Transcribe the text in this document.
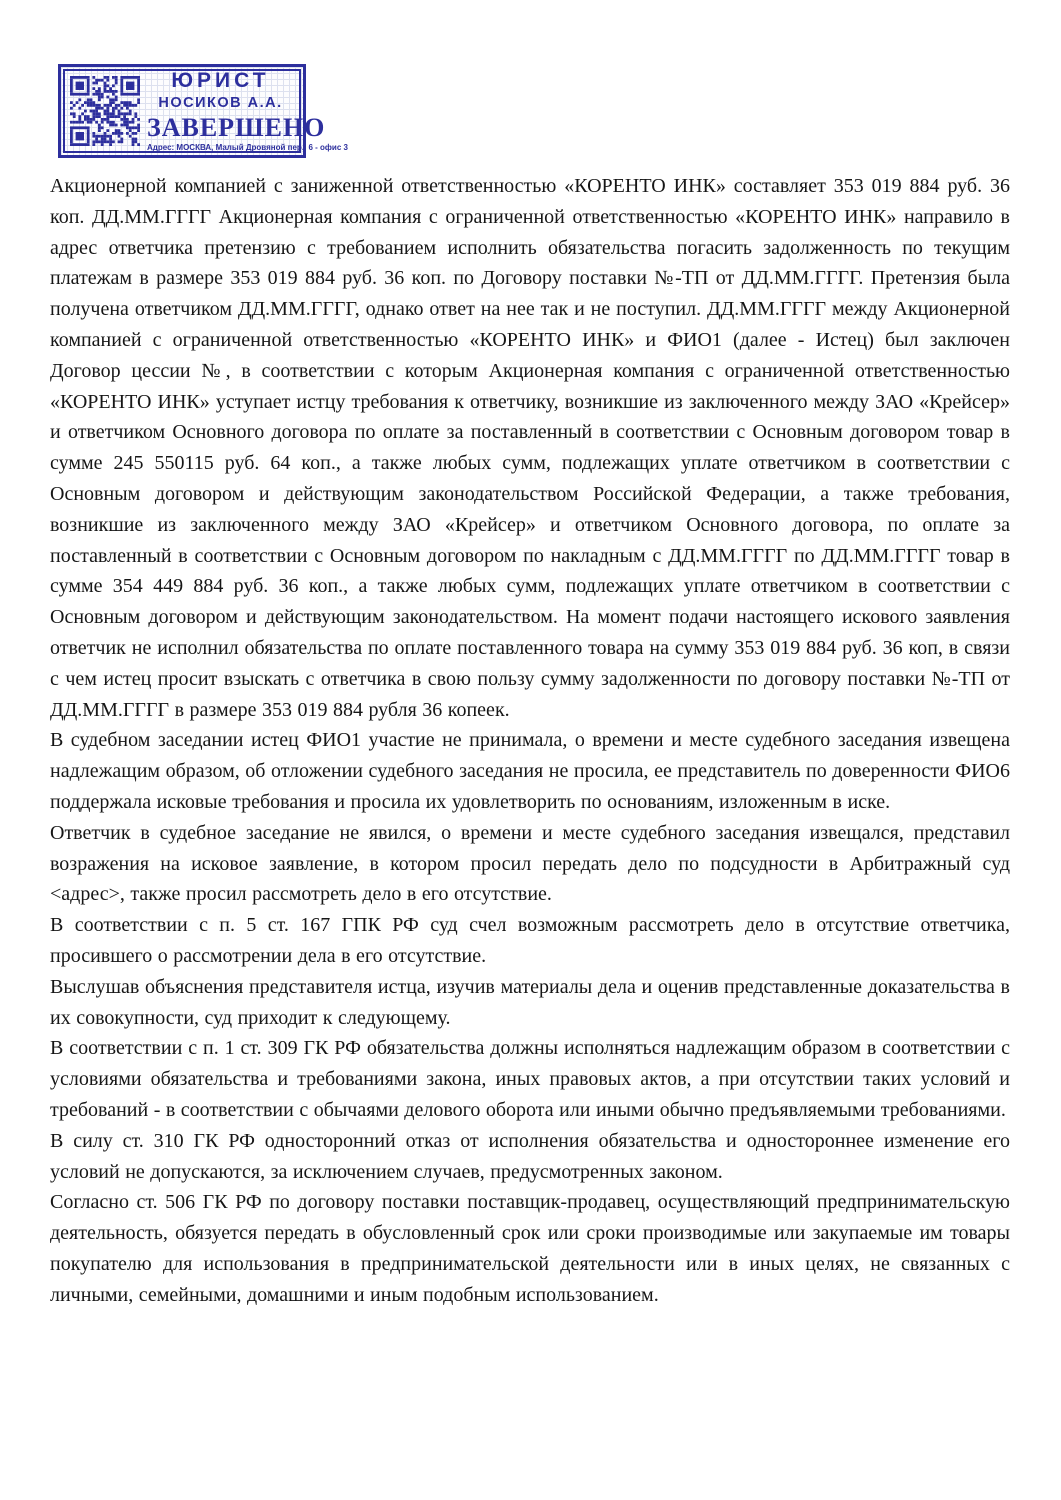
ЮРИСТ
НОСИКОВ А.А.
ЗАВЕРШЕНО
Адрес: МОСКВА, Малый Дровяной пер., 6 - офис 3

Акционерной компанией с заниженной ответственностью «КОРЕНТО ИНК» составляет 353 019 884 руб. 36 коп. ДД.ММ.ГГГГ Акционерная компания с ограниченной ответственностью «КОРЕНТО ИНК» направило в адрес ответчика претензию с требованием исполнить обязательства погасить задолженность по текущим платежам в размере 353 019 884 руб. 36 коп. по Договору поставки №-ТП от ДД.ММ.ГГГГ. Претензия была получена ответчиком ДД.ММ.ГГГГ, однако ответ на нее так и не поступил. ДД.ММ.ГГГГ между Акционерной компанией с ограниченной ответственностью «КОРЕНТО ИНК» и ФИО1 (далее - Истец) был заключен Договор цессии №, в соответствии с которым Акционерная компания с ограниченной ответственностью «КОРЕНТО ИНК» уступает истцу требования к ответчику, возникшие из заключенного между ЗАО «Крейсер» и ответчиком Основного договора по оплате за поставленный в соответствии с Основным договором товар в сумме 245 550115 руб. 64 коп., а также любых сумм, подлежащих уплате ответчиком в соответствии с Основным договором и действующим законодательством Российской Федерации, а также требования, возникшие из заключенного между ЗАО «Крейсер» и ответчиком Основного договора, по оплате за поставленный в соответствии с Основным договором по накладным с ДД.ММ.ГГГГ по ДД.ММ.ГГГГ товар в сумме 354 449 884 руб. 36 коп., а также любых сумм, подлежащих уплате ответчиком в соответствии с Основным договором и действующим законодательством. На момент подачи настоящего искового заявления ответчик не исполнил обязательства по оплате поставленного товара на сумму 353 019 884 руб. 36 коп, в связи с чем истец просит взыскать с ответчика в свою пользу сумму задолженности по договору поставки №-ТП от ДД.ММ.ГГГГ в размере 353 019 884 рубля 36 копеек.

В судебном заседании истец ФИО1 участие не принимала, о времени и месте судебного заседания извещена надлежащим образом, об отложении судебного заседания не просила, ее представитель по доверенности ФИО6 поддержала исковые требования и просила их удовлетворить по основаниям, изложенным в иске.

Ответчик в судебное заседание не явился, о времени и месте судебного заседания извещался, представил возражения на исковое заявление, в котором просил передать дело по подсудности в Арбитражный суд <адрес>, также просил рассмотреть дело в его отсутствие.

В соответствии с п. 5 ст. 167 ГПК РФ суд счел возможным рассмотреть дело в отсутствие ответчика, просившего о рассмотрении дела в его отсутствие.

Выслушав объяснения представителя истца, изучив материалы дела и оценив представленные доказательства в их совокупности, суд приходит к следующему.

В соответствии с п. 1 ст. 309 ГК РФ обязательства должны исполняться надлежащим образом в соответствии с условиями обязательства и требованиями закона, иных правовых актов, а при отсутствии таких условий и требований - в соответствии с обычаями делового оборота или иными обычно предъявляемыми требованиями.

В силу ст. 310 ГК РФ односторонний отказ от исполнения обязательства и одностороннее изменение его условий не допускаются, за исключением случаев, предусмотренных законом.

Согласно ст. 506 ГК РФ по договору поставки поставщик-продавец, осуществляющий предпринимательскую деятельность, обязуется передать в обусловленный срок или сроки производимые или закупаемые им товары покупателю для использования в предпринимательской деятельности или в иных целях, не связанных с личными, семейными, домашними и иным подобным использованием.
